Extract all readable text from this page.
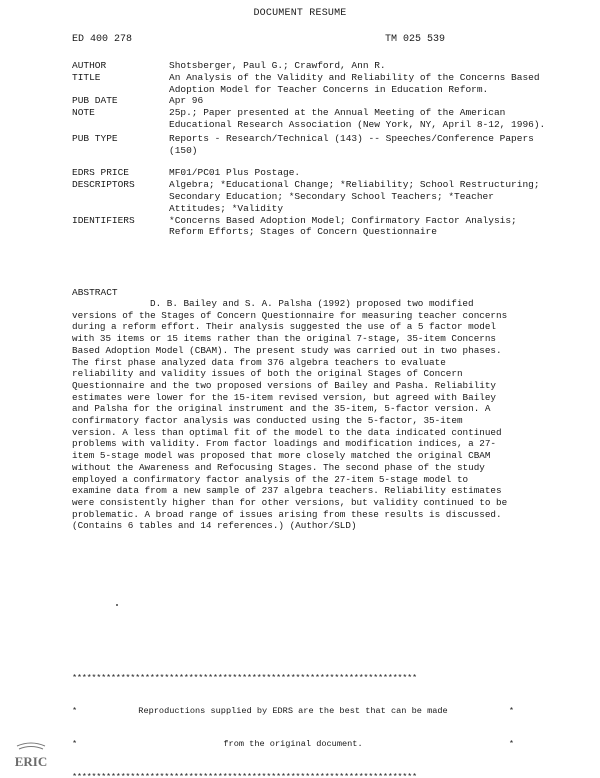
DOCUMENT RESUME
ED 400 278	TM 025 539
AUTHOR	Shotsberger, Paul G.; Crawford, Ann R.
TITLE	An Analysis of the Validity and Reliability of the Concerns Based Adoption Model for Teacher Concerns in Education Reform.
PUB DATE	Apr 96
NOTE	25p.; Paper presented at the Annual Meeting of the American Educational Research Association (New York, NY, April 8-12, 1996).
PUB TYPE	Reports - Research/Technical (143) -- Speeches/Conference Papers (150)
EDRS PRICE	MF01/PC01 Plus Postage.
DESCRIPTORS	Algebra; *Educational Change; *Reliability; School Restructuring; Secondary Education; *Secondary School Teachers; *Teacher Attitudes; *Validity
IDENTIFIERS	*Concerns Based Adoption Model; Confirmatory Factor Analysis; Reform Efforts; Stages of Concern Questionnaire
ABSTRACT

D. B. Bailey and S. A. Palsha (1992) proposed two modified versions of the Stages of Concern Questionnaire for measuring teacher concerns during a reform effort. Their analysis suggested the use of a 5 factor model with 35 items or 15 items rather than the original 7-stage, 35-item Concerns Based Adoption Model (CBAM). The present study was carried out in two phases. The first phase analyzed data from 376 algebra teachers to evaluate reliability and validity issues of both the original Stages of Concern Questionnaire and the two proposed versions of Bailey and Pasha. Reliability estimates were lower for the 15-item revised version, but agreed with Bailey and Palsha for the original instrument and the 35-item, 5-factor version. A confirmatory factor analysis was conducted using the 5-factor, 35-item version. A less than optimal fit of the model to the data indicated continued problems with validity. From factor loadings and modification indices, a 27-item 5-stage model was proposed that more closely matched the original CBAM without the Awareness and Refocusing Stages. The second phase of the study employed a confirmatory factor analysis of the 27-item 5-stage model to examine data from a new sample of 237 algebra teachers. Reliability estimates were consistently higher than for other versions, but validity continued to be problematic. A broad range of issues arising from these results is discussed. (Contains 6 tables and 14 references.) (Author/SLD)

***********************************************************************

*	Reproductions supplied by EDRS are the best that can be made	*

*	from the original document.	*

***********************************************************************

ERIC
